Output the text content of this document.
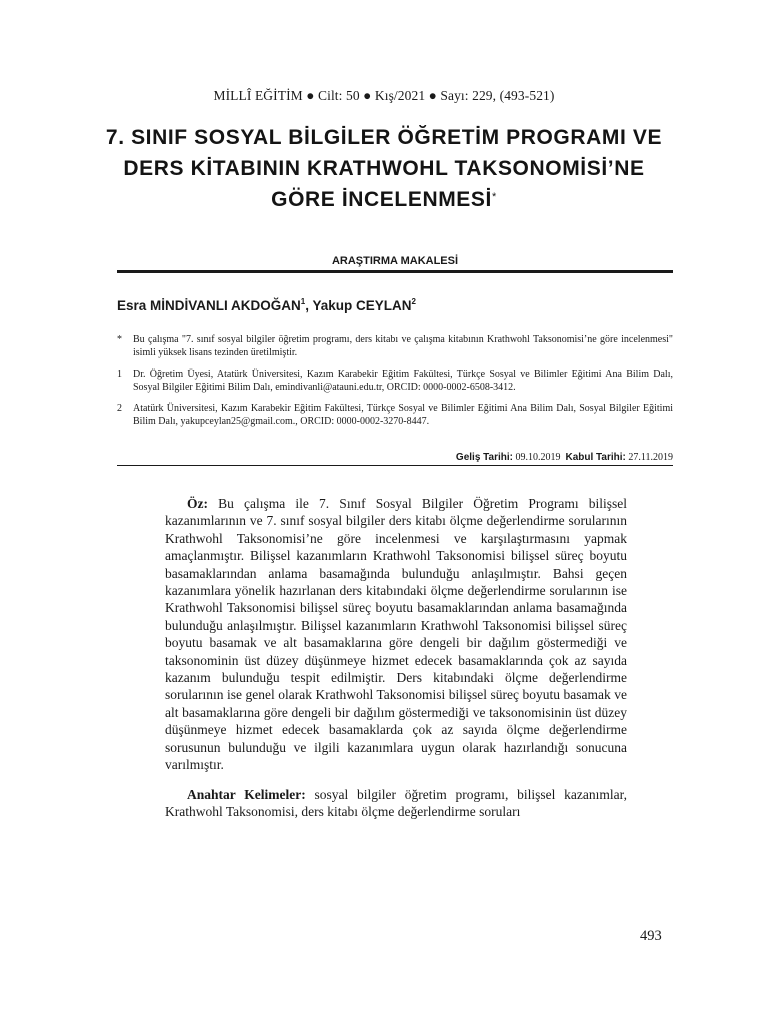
MİLLÎ EĞİTİM ● Cilt: 50 ● Kış/2021 ● Sayı: 229, (493-521)
7. SINIF SOSYAL BİLGİLER ÖĞRETİM PROGRAMI VE
DERS KİTABININ KRATHWOHL TAKSONOMİSİ’NE
GÖRE İNCELENMESİ*
ARAŞTIRMA MAKALESİ
Esra MİNDİVANLI AKDOĞAN$^1$, Yakup CEYLAN$^2$
*	Bu çalışma "7. sınıf sosyal bilgiler öğretim programı, ders kitabı ve çalışma kitabının Krathwohl Taksonomisi’ne göre incelenmesi" isimli yüksek lisans tezinden üretilmiştir.
1	Dr. Öğretim Üyesi, Atatürk Üniversitesi, Kazım Karabekir Eğitim Fakültesi, Türkçe Sosyal ve Bilimler Eğitimi Ana Bilim Dalı, Sosyal Bilgiler Eğitimi Bilim Dalı, emindivanli@atauni.edu.tr, ORCID: 0000-0002-6508-3412.
2	Atatürk Üniversitesi, Kazım Karabekir Eğitim Fakültesi, Türkçe Sosyal ve Bilimler Eğitimi Ana Bilim Dalı, Sosyal Bilgiler Eğitimi Bilim Dalı, yakupceylan25@gmail.com., ORCID: 0000-0002-3270-8447.
Geliş Tarihi: 09.10.2019 Kabul Tarihi: 27.11.2019

Öz: Bu çalışma ile 7. Sınıf Sosyal Bilgiler Öğretim Programı bilişsel kazanımlarının ve 7. sınıf sosyal bilgiler ders kitabı ölçme değerlendirme sorularının Krathwohl Taksonomisi’ne göre incelenmesi ve karşılaştırmasını yapmak amaçlanmıştır. Bilişsel kazanımların Krathwohl Taksonomisi bilişsel süreç boyutu basamaklarından anlama basamağında bulunduğu anlaşılmıştır. Bahsi geçen kazanımlara yönelik hazırlanan ders kitabındaki ölçme değerlendirme sorularının ise Krathwohl Taksonomisi bilişsel süreç boyutu basamaklarından anlama basamağında bulunduğu anlaşılmıştır. Bilişsel kazanımların Krathwohl Taksonomisi bilişsel süreç boyutu basamak ve alt basamaklarına göre dengeli bir dağılım göstermediği ve taksonominin üst düzey düşünmeye hizmet edecek basamaklarında çok az sayıda kazanım bulunduğu tespit edilmiştir. Ders kitabındaki ölçme değerlendirme sorularının ise genel olarak Krathwohl Taksonomisi bilişsel süreç boyutu basamak ve alt basamaklarına göre dengeli bir dağılım göstermediği ve taksonomisinin üst düzey düşünmeye hizmet edecek basamaklarda çok az sayıda ölçme değerlendirme sorusunun bulunduğu ve ilgili kazanımlara uygun olarak hazırlandığı sonucuna varılmıştır.

Anahtar Kelimeler: sosyal bilgiler öğretim programı, bilişsel kazanımlar, Krathwohl Taksonomisi, ders kitabı ölçme değerlendirme soruları

493
